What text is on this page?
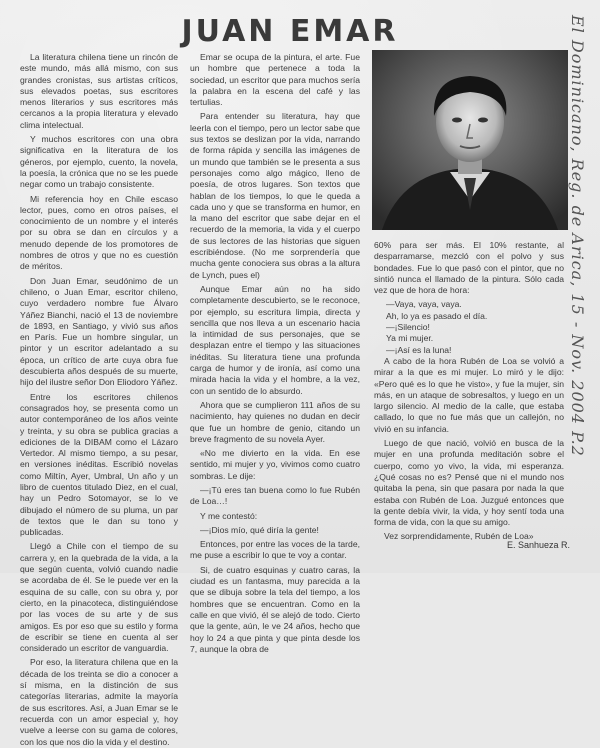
JUAN EMAR

La literatura chilena tiene un rincón de este mundo, más allá mismo, con sus grandes cronistas, sus artistas críticos, sus elevados poetas, sus escritores menos literarios y sus escritores más cercanos a la propia literatura y elevado clima intelectual.

Y muchos escritores con una obra significativa en la literatura de los géneros, por ejemplo, cuento, la novela, la poesía, la crónica que no se les puede negar como un trabajo consistente.

Mi referencia hoy en Chile escaso lector, pues, como en otros países, el conocimiento de un nombre y el interés por su obra se dan en círculos y a menudo depende de los promotores de nombres de otros y que no es cuestión de méritos.

Don Juan Emar, seudónimo de un chileno, o Juan Emar, escritor chileno, cuyo verdadero nombre fue Álvaro Yáñez Bianchi, nació el 13 de noviembre de 1893, en Santiago, y vivió sus años en París. Fue un hombre singular, un pintor y un escritor adelantado a su época, un crítico de arte cuya obra fue descubierta años después de su muerte, hijo del ilustre señor Don Eliodoro Yáñez.

Entre los escritores chilenos consagrados hoy, se presenta como un autor contemporáneo de los años veinte y treinta, y su obra se publica gracias a ediciones de la DIBAM como el Lázaro Vertedor. Al mismo tiempo, a su pesar, en versiones inéditas. Escribió novelas como Miltín, Ayer, Umbral, Un año y un libro de cuentos titulado Diez, en el cual, hay un Pedro Sotomayor, se lo ve dibujado el número de su pluma, un par de textos que le dan su tono y publicadas.

Llegó a Chile con el tiempo de su carrera y, en la quebrada de la vida, a la que según cuenta, volvió cuando nadie se acordaba de él. Se le puede ver en la esquina de su calle, con su obra y, por cierto, en la pinacoteca, distinguiéndose por las voces de su arte y de sus amigos. Es por eso que su estilo y forma de escribir se tiene en cuenta al ser considerado un escritor de vanguardia.

Por eso, la literatura chilena que en la década de los treinta se dio a conocer a sí misma, en la distinción de sus categorías literarias, admite la mayoría de sus escritores. Así, a Juan Emar se le recuerda con un amor especial y, hoy vuelve a leerse con su gama de colores, con los que nos dio la vida y el destino.

Emar se ocupa de la pintura, el arte. Fue un hombre que pertenece a toda la sociedad, un escritor que para muchos sería la palabra en la escena del café y las tertulias.

Para entender su literatura, hay que leerla con el tiempo, pero un lector sabe que sus textos se deslizan por la vida, narrando de forma rápida y sencilla las imágenes de un mundo que también se le presenta a sus personajes como algo mágico, lleno de poesía, de otros lugares. Son textos que hablan de los tiempos, lo que le queda a cada uno y que se transforma en humor, en la mano del escritor que sabe dejar en el recuerdo de la memoria, la vida y el cuerpo de sus lectores de las historias que siguen escribiéndose. (No me sorprendería que mucha gente conociera sus obras a la altura de Lynch, pues el)

Aunque Emar aún no ha sido completamente descubierto, se le reconoce, por ejemplo, su escritura limpia, directa y sencilla que nos lleva a un escenario hacia la intimidad de sus personajes, que se desplazan entre el tiempo y las situaciones inéditas. Su literatura tiene una profunda carga de humor y de ironía, así como una mirada hacia la vida y el hombre, a la vez, con un sentido de lo absurdo.

Ahora que se cumplieron 111 años de su nacimiento, hay quienes no dudan en decir que fue un hombre de genio, citando un breve fragmento de su novela Ayer.

«No me divierto en la vida. En ese sentido, mi mujer y yo, vivimos como cuatro sombras. Le dije:

—¡Tú eres tan buena como lo fue Rubén de Loa…!

Y me contestó:

—¡Dios mío, qué diría la gente!

Entonces, por entre las voces de la tarde, me puse a escribir lo que te voy a contar.

Si, de cuatro esquinas y cuatro caras, la ciudad es un fantasma, muy parecida a la que se dibuja sobre la tela del tiempo, a los hombres que se encuentran. Como en la calle en que vivió, él se alejó de todo. Cierto que la gente, aún, le ve 24 años, hecho que hoy lo 24 a que pinta y que pinta desde los 7, aunque la obra de

60% para ser más. El 10% restante, al desparramarse, mezcló con el polvo y sus bondades. Fue lo que pasó con el pintor, que no sintió nunca el llamado de la pintura. Sólo cada vez que de hora de hora:

—Vaya, vaya, vaya.

Ah, lo ya es pasado el día.

—¡Silencio!

Ya mi mujer.

—¡Así es la luna!

A cabo de la hora Rubén de Loa se volvió a mirar a la que es mi mujer. Lo miró y le dijo: «Pero qué es lo que he visto», y fue la mujer, sin más, en un ataque de sobresaltos, y luego en un largo silencio. Al medio de la calle, que estaba callado, lo que no fue más que un callejón, no vivió en su infancia.

Luego de que nació, volvió en busca de la mujer en una profunda meditación sobre el cuerpo, como yo vivo, la vida, mi esperanza. ¿Qué cosas no es? Pensé que ni el mundo nos quitaba la pena, sin que pasara por nada la que estaba con Rubén de Loa. Juzgué entonces que la gente debía vivir, la vida, y hoy sentí toda una forma de vida, con la que su amigo.

Vez sorprendidamente, Rubén de Loa»

E. Sanhueza R.
El Dominicano, Reg. de Arica, 15 - Nov. 2004 P.2
